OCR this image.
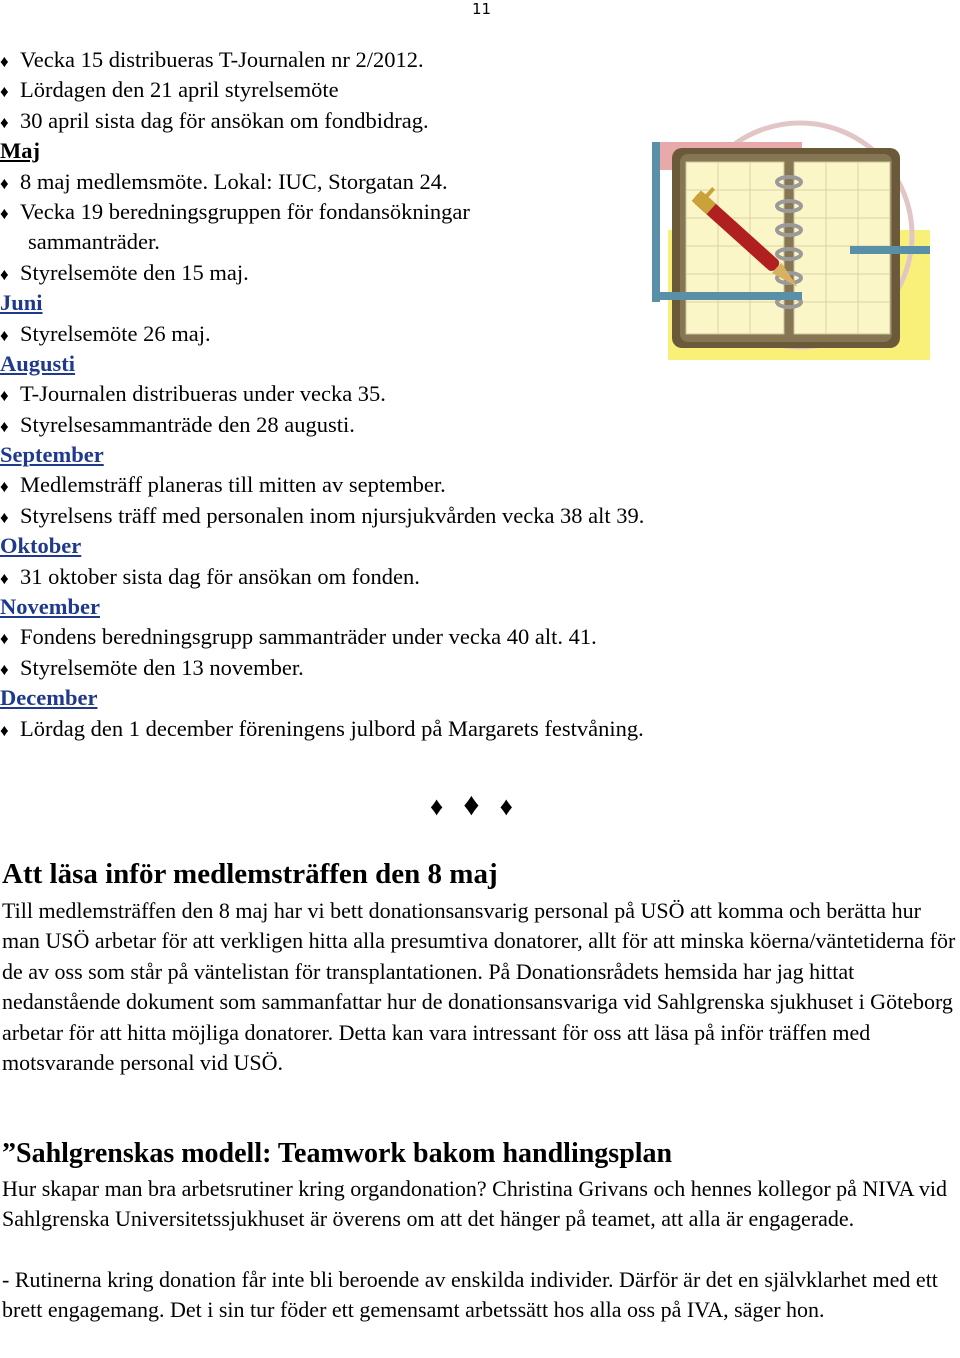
11
♦ Vecka 15 distribueras T-Journalen nr 2/2012.
♦ Lördagen den 21 april styrelsemöte
♦ 30 april sista dag för ansökan om fondbidrag.
Maj
♦ 8 maj medlemsmöte. Lokal: IUC, Storgatan 24.
♦ Vecka 19 beredningsgruppen för fondansökningar
sammanträder.
♦ Styrelsemöte den 15 maj.
Juni
♦ Styrelsemöte 26 maj.
Augusti
♦ T-Journalen distribueras under vecka 35.
♦ Styrelsesammanträde den 28 augusti.
September
♦ Medlemsträff planeras till mitten av september.
♦ Styrelsens träff med personalen inom njursjukvården vecka 38 alt 39.
Oktober
♦ 31 oktober sista dag för ansökan om fonden.
November
♦ Fondens beredningsgrupp sammanträder under vecka 40 alt. 41.
♦ Styrelsemöte den 13 november.
December
♦ Lördag den 1 december föreningens julbord på Margarets festvåning.
♦♦♦
Att läsa inför medlemsträffen den 8 maj
Till medlemsträffen den 8 maj har vi bett donationsansvarig personal på USÖ att komma och berätta hur man USÖ arbetar för att verkligen hitta alla presumtiva donatorer, allt för att minska köerna/väntetiderna för de av oss som står på väntelistan för transplantationen. På Donationsrådets hemsida har jag hittat nedanstående dokument som sammanfattar hur de donationsansvariga vid Sahlgrenska sjukhuset i Göteborg arbetar för att hitta möjliga donatorer. Detta kan vara intressant för oss att läsa på inför träffen med motsvarande personal vid USÖ.
”Sahlgrenskas modell: Teamwork bakom handlingsplan
Hur skapar man bra arbetsrutiner kring organdonation? Christina Grivans och hennes kollegor på NIVA vid Sahlgrenska Universitetssjukhuset är överens om att det hänger på teamet, att alla är engagerade.
- Rutinerna kring donation får inte bli beroende av enskilda individer. Därför är det en självklarhet med ett brett engagemang. Det i sin tur föder ett gemensamt arbetssätt hos alla oss på IVA, säger hon.
